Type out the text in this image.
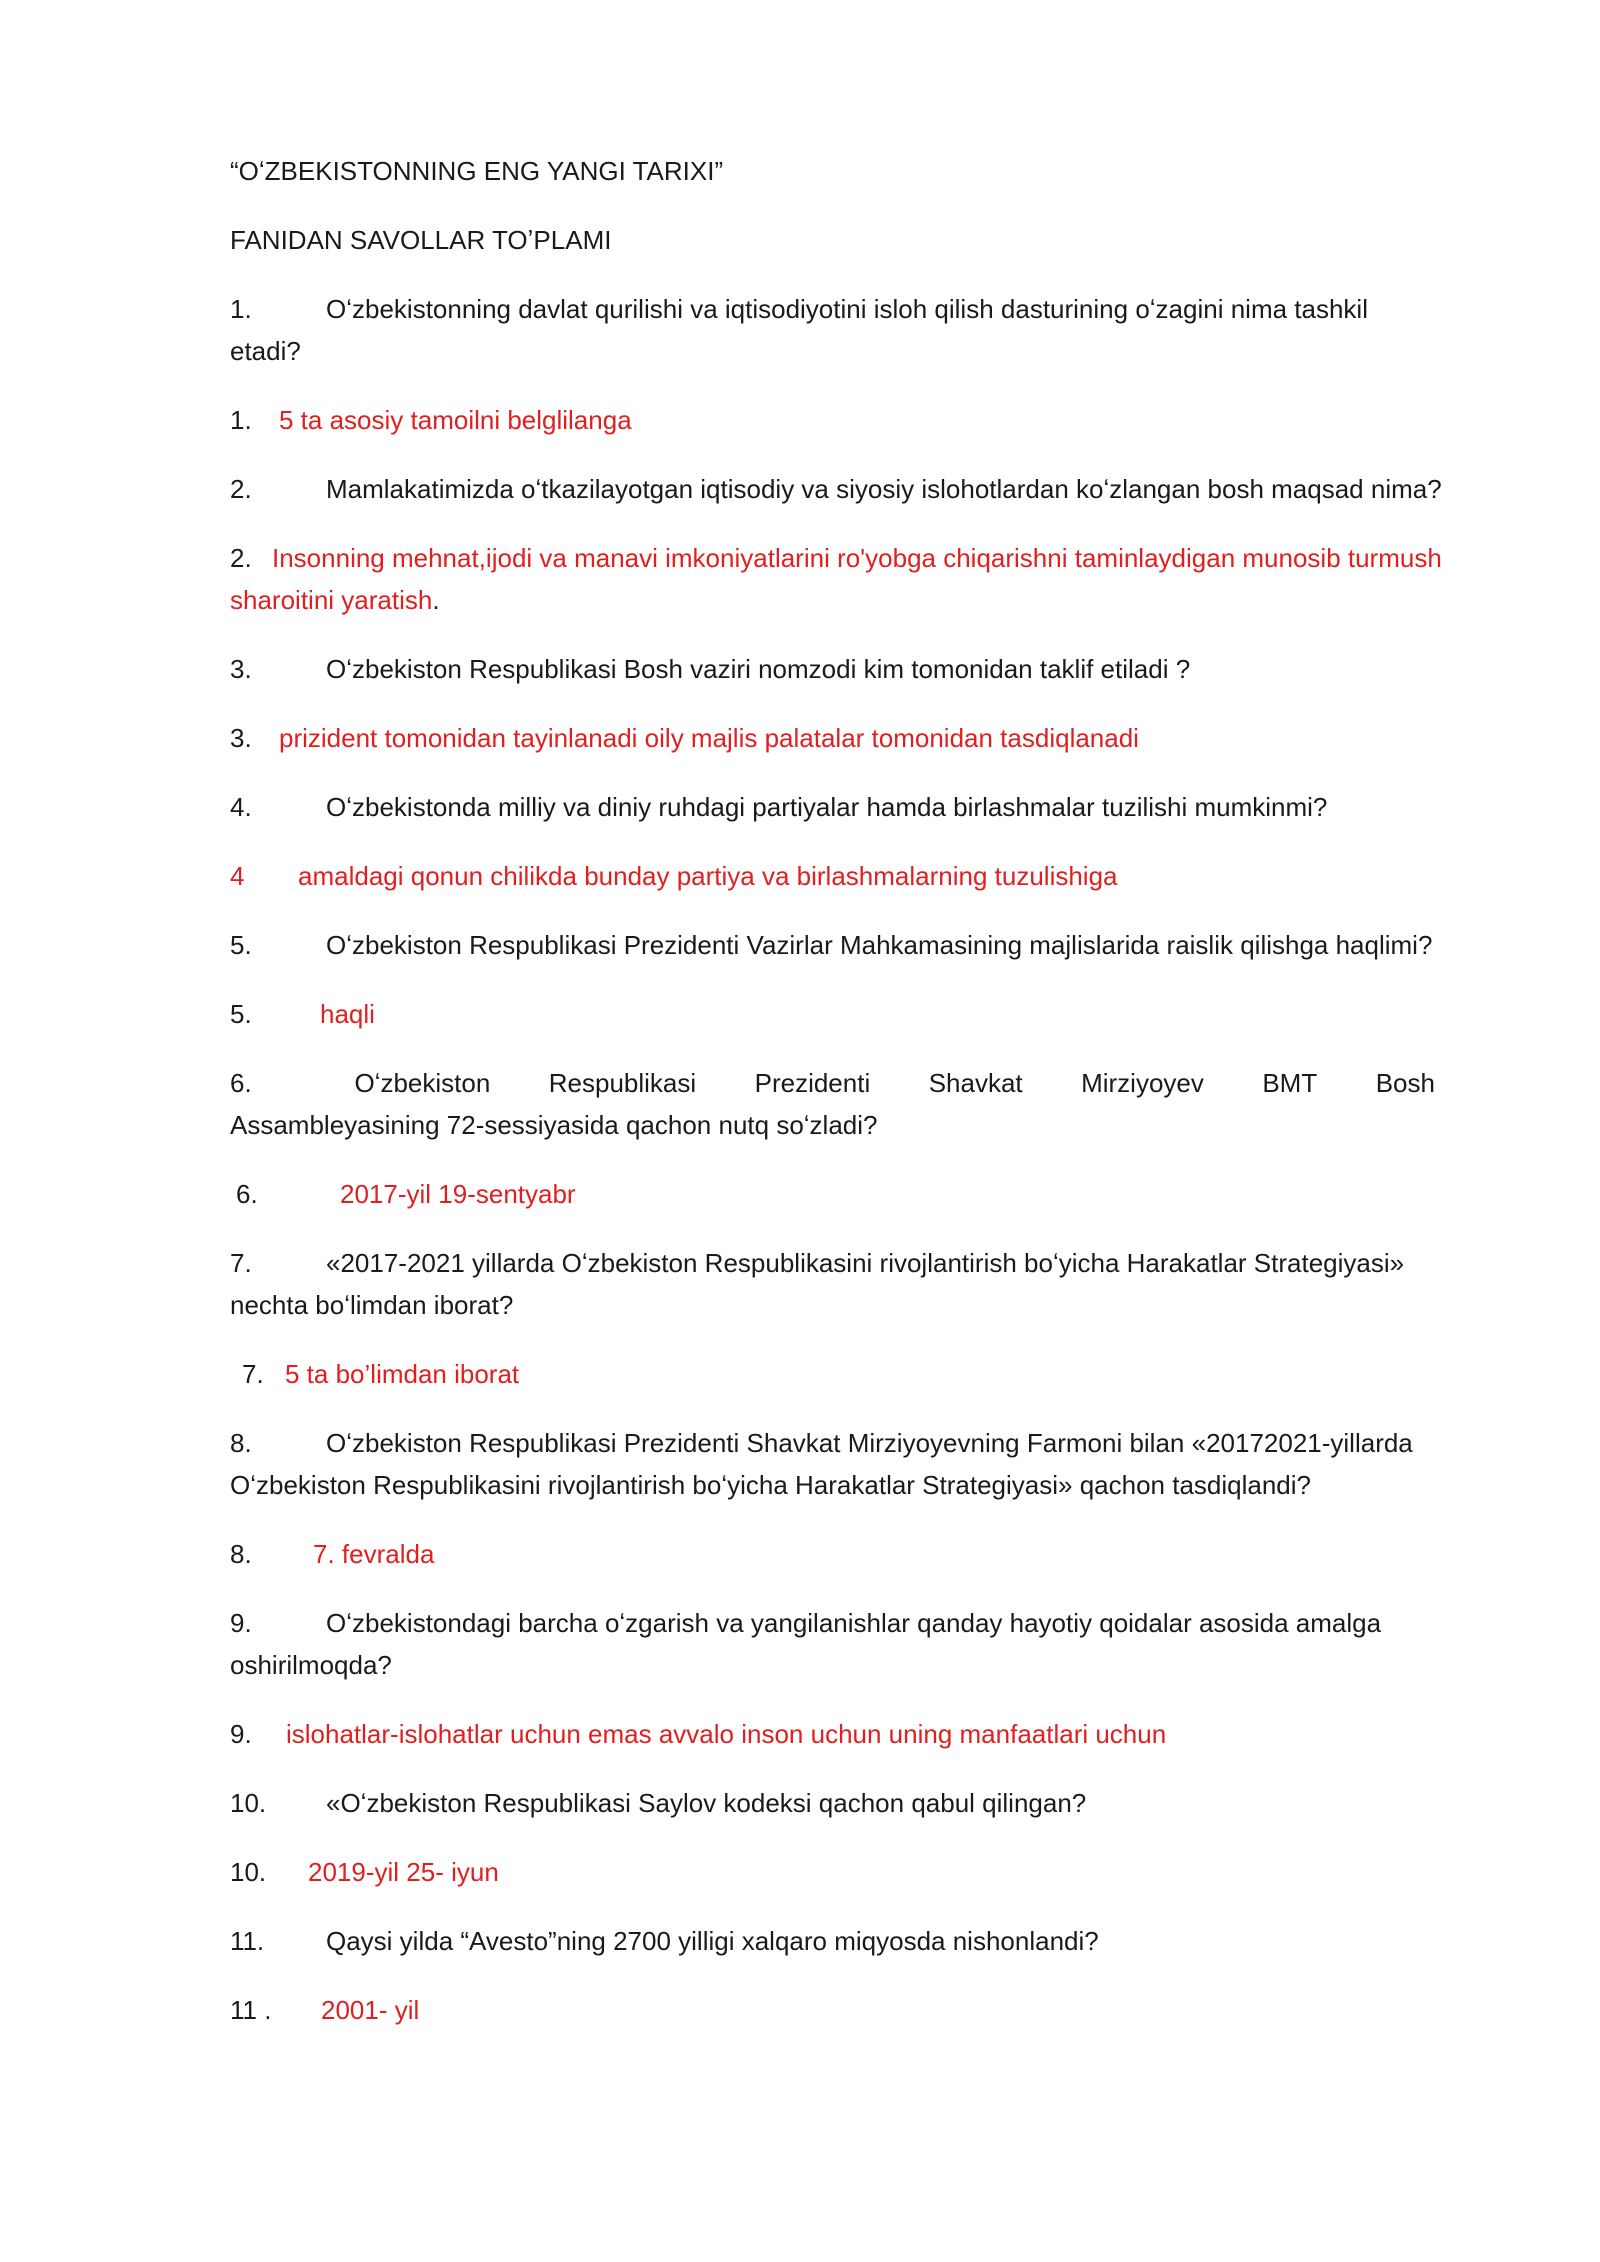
“OʻZBEKISTONNING ENG YANGI TARIXI”
FANIDAN SAVOLLAR TOʼPLAMI
1.	Oʻzbekistonning davlat qurilishi va iqtisodiyotini isloh qilish dasturining oʻzagini nima tashkil etadi?
1. 5 ta asosiy tamoilni belglilanga
2.	Mamlakatimizda oʻtkazilayotgan iqtisodiy va siyosiy islohotlardan koʻzlangan bosh maqsad nima?
2. Insonning mehnat,ijodi va manavi imkoniyatlarini ro'yobga chiqarishni taminlaydigan munosib turmush sharoitini yaratish.
3.	Oʻzbekiston Respublikasi Bosh vaziri nomzodi kim tomonidan taklif etiladi ?
3. prizident tomonidan tayinlanadi oily majlis palatalar tomonidan tasdiqlanadi
4.	Oʻzbekistonda milliy va diniy ruhdagi partiyalar hamda birlashmalar tuzilishi mumkinmi?
4 amaldagi qonun chilikda bunday partiya va birlashmalarning tuzulishiga
5.	Oʻzbekiston Respublikasi Prezidenti Vazirlar Mahkamasining majlislarida raislik qilishga haqlimi?
5.	haqli
6.	Oʻzbekiston Respublikasi Prezidenti Shavkat Mirziyoyev BMT Bosh
Assambleyasining 72-sessiyasida qachon nutq soʻzladi?
6.	2017-yil 19-sentyabr
7.	«2017-2021 yillarda Oʻzbekiston Respublikasini rivojlantirish boʻyicha Harakatlar Strategiyasi» nechta boʻlimdan iborat?
7. 5 ta bo’limdan iborat
8.	Oʻzbekiston Respublikasi Prezidenti Shavkat Mirziyoyevning Farmoni bilan «20172021-yillarda Oʻzbekiston Respublikasini rivojlantirish boʻyicha Harakatlar Strategiyasi» qachon tasdiqlandi?
8. 7. fevralda
9.	Oʻzbekistondagi barcha oʻzgarish va yangilanishlar qanday hayotiy qoidalar asosida amalga oshirilmoqda?
9. islohatlar-islohatlar uchun emas avvalo inson uchun uning manfaatlari uchun
10. «Oʻzbekiston Respublikasi Saylov kodeksi qachon qabul qilingan?
10. 2019-yil 25- iyun
11. Qaysi yilda “Avesto”ning 2700 yilligi xalqaro miqyosda nishonlandi?
11 . 2001- yil
